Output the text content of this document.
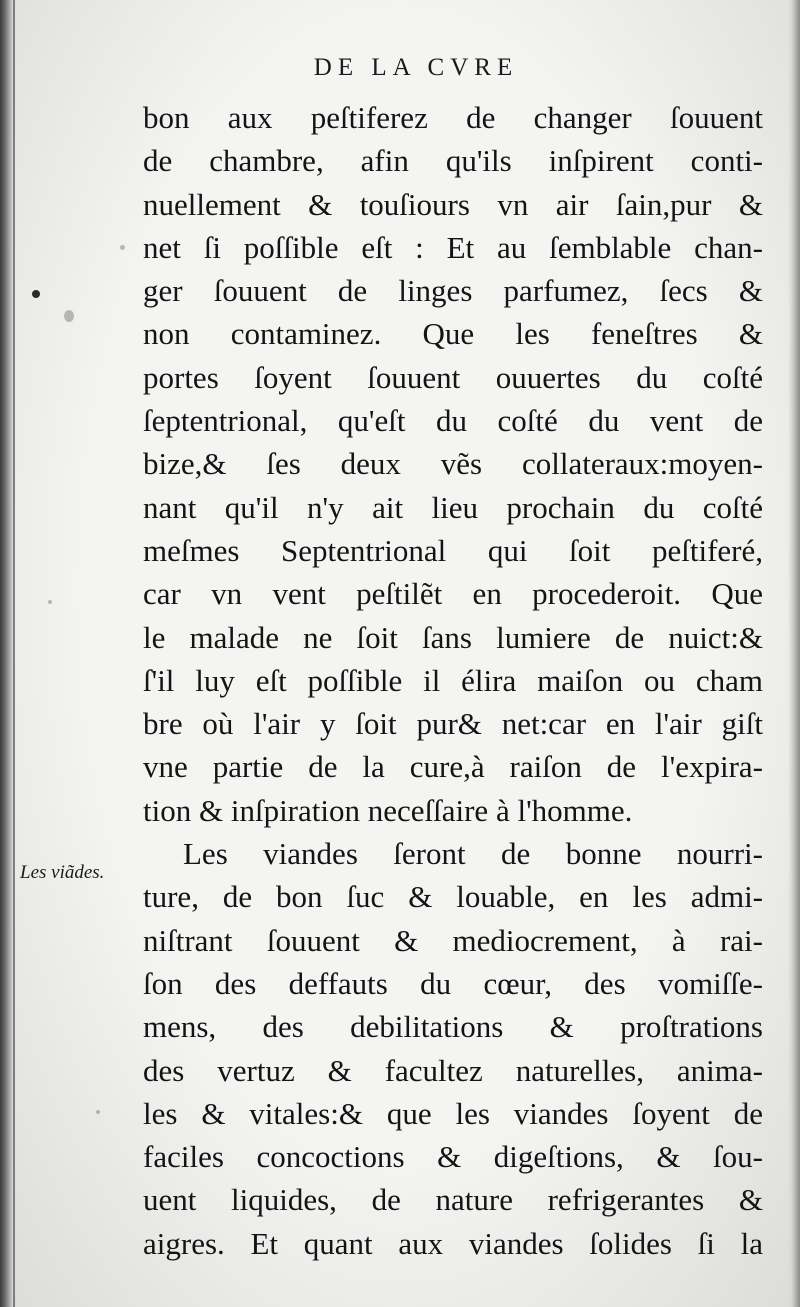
DE LA CVRE
Les viãdes.
bon aux peſtiferez de changer ſouuent
de chambre, afin qu'ils inſpirent conti-
nuellement & touſiours vn air ſain,pur &
net ſi poſſible eſt : Et au ſemblable chan-
ger ſouuent de linges parfumez, ſecs &
non contaminez. Que les feneſtres &
portes ſoyent ſouuent ouuertes du coſté
ſeptentrional, qu'eſt du coſté du vent de
bize,& ſes deux vẽs collateraux:moyen-
nant qu'il n'y ait lieu prochain du coſté
meſmes Septentrional qui ſoit peſtiferé,
car vn vent peſtilẽt en procederoit. Que
le malade ne ſoit ſans lumiere de nuict:&
ſ'il luy eſt poſſible il élira maiſon ou cham
bre où l'air y ſoit pur& net:car en l'air giſt
vne partie de la cure,à raiſon de l'expira-
tion & inſpiration neceſſaire à l'homme.
Les viandes ſeront de bonne nourri-
ture, de bon ſuc & louable, en les admi-
niſtrant ſouuent & mediocrement, à rai-
ſon des deffauts du cœur, des vomiſſe-
mens, des debilitations & proſtrations
des vertuz & facultez naturelles, anima-
les & vitales:& que les viandes ſoyent de
faciles concoctions & digeſtions, & ſou-
uent liquides, de nature refrigerantes &
aigres. Et quant aux viandes ſolides ſi la
